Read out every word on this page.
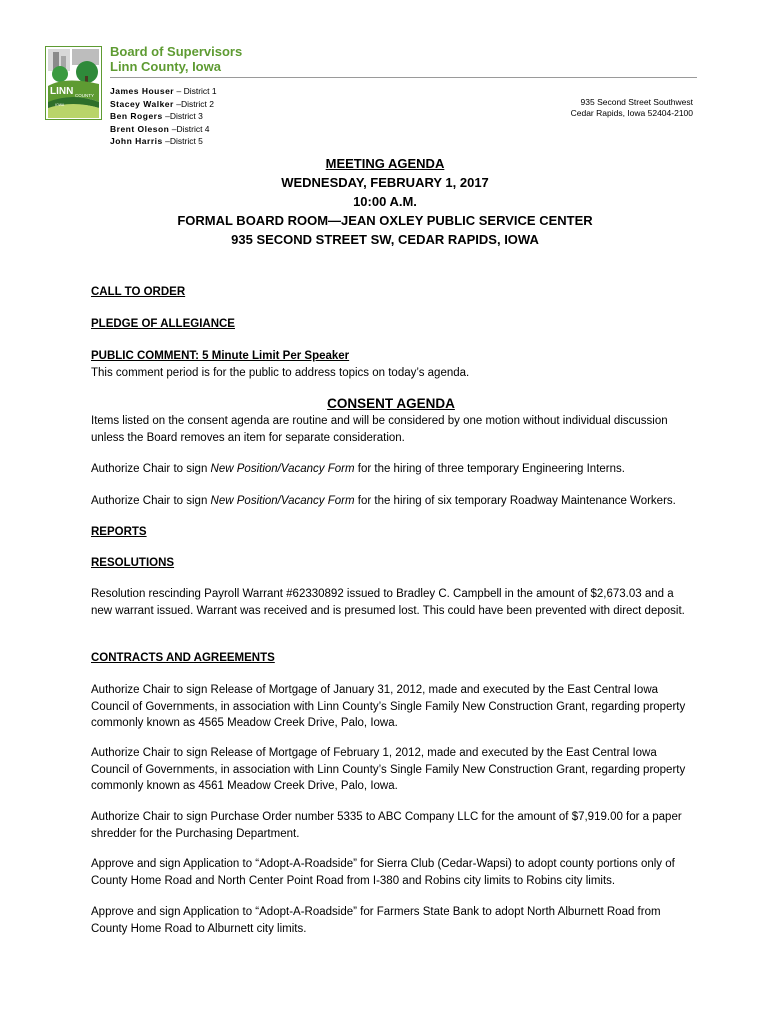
LINN COUNTY
IOWA
Board of Supervisors
Linn County, Iowa
James Houser – District 1
Stacey Walker –District 2
Ben Rogers –District 3
Brent Oleson –District 4
John Harris –District 5
935 Second Street Southwest
Cedar Rapids, Iowa 52404-2100
MEETING AGENDA
WEDNESDAY, FEBRUARY 1, 2017
10:00 A.M.
FORMAL BOARD ROOM—JEAN OXLEY PUBLIC SERVICE CENTER
935 SECOND STREET SW, CEDAR RAPIDS, IOWA
CALL TO ORDER
PLEDGE OF ALLEGIANCE
PUBLIC COMMENT: 5 Minute Limit Per Speaker

This comment period is for the public to address topics on today’s agenda.

CONSENT AGENDA

Items listed on the consent agenda are routine and will be considered by one motion without individual discussion unless the Board removes an item for separate consideration.

Authorize Chair to sign New Position/Vacancy Form for the hiring of three temporary Engineering Interns.

Authorize Chair to sign New Position/Vacancy Form for the hiring of six temporary Roadway Maintenance Workers.

REPORTS
RESOLUTIONS

Resolution rescinding Payroll Warrant #62330892 issued to Bradley C. Campbell in the amount of $2,673.03 and a new warrant issued. Warrant was received and is presumed lost. This could have been prevented with direct deposit.

CONTRACTS AND AGREEMENTS

Authorize Chair to sign Release of Mortgage of January 31, 2012, made and executed by the East Central Iowa Council of Governments, in association with Linn County’s Single Family New Construction Grant, regarding property commonly known as 4565 Meadow Creek Drive, Palo, Iowa.

Authorize Chair to sign Release of Mortgage of February 1, 2012, made and executed by the East Central Iowa Council of Governments, in association with Linn County’s Single Family New Construction Grant, regarding property commonly known as 4561 Meadow Creek Drive, Palo, Iowa.

Authorize Chair to sign Purchase Order number 5335 to ABC Company LLC for the amount of $7,919.00 for a paper shredder for the Purchasing Department.

Approve and sign Application to “Adopt-A-Roadside” for Sierra Club (Cedar-Wapsi) to adopt county portions only of County Home Road and North Center Point Road from I-380 and Robins city limits to Robins city limits.

Approve and sign Application to “Adopt-A-Roadside” for Farmers State Bank to adopt North Alburnett Road from County Home Road to Alburnett city limits.
